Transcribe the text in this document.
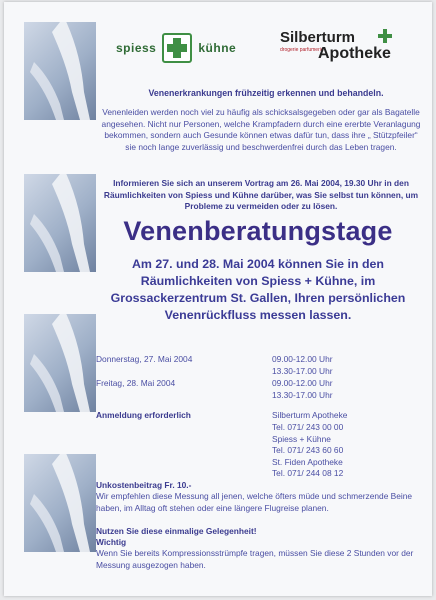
spiess	kühne
Silberturm
drogerie parfumerie
Apotheke
Venenerkrankungen frühzeitig erkennen und behandeln.
Venenleiden werden noch viel zu häufig als schicksalsgegeben oder gar als Bagatelle angesehen. Nicht nur Personen, welche Krampfadern durch eine ererbte Veranlagung bekommen, sondern auch Gesunde können etwas dafür tun, dass ihre „ Stützpfeiler“ sie noch lange zuverlässig und beschwerdenfrei durch das Leben tragen.
Informieren Sie sich an unserem Vortrag am 26. Mai 2004, 19.30 Uhr in den Räumlichkeiten von Spiess und Kühne darüber, was Sie selbst tun können, um Probleme zu vermeiden oder zu lösen.
Venenberatungstage
Am 27. und 28. Mai 2004 können Sie in den Räumlichkeiten von Spiess + Kühne, im Grossackerzentrum St. Gallen, Ihren persönlichen Venenrückfluss messen lassen.
Donnerstag, 27. Mai 2004	09.00-12.00 Uhr
13.30-17.00 Uhr
Freitag, 28. Mai 2004	09.00-12.00 Uhr
13.30-17.00 Uhr
Anmeldung erforderlich	Silberturm Apotheke
Tel. 071/ 243 00 00
Spiess + Kühne
Tel. 071/ 243 60 60
St. Fiden Apotheke
Tel. 071/ 244 08 12
Unkostenbeitrag Fr. 10.-
Wir empfehlen diese Messung all jenen, welche öfters müde und schmerzende Beine haben, im Alltag oft stehen oder eine längere Flugreise planen.
Nutzen Sie diese einmalige Gelegenheit!
Wichtig
Wenn Sie bereits Kompressionsstrümpfe tragen, müssen Sie diese 2 Stunden vor der Messung ausgezogen haben.
